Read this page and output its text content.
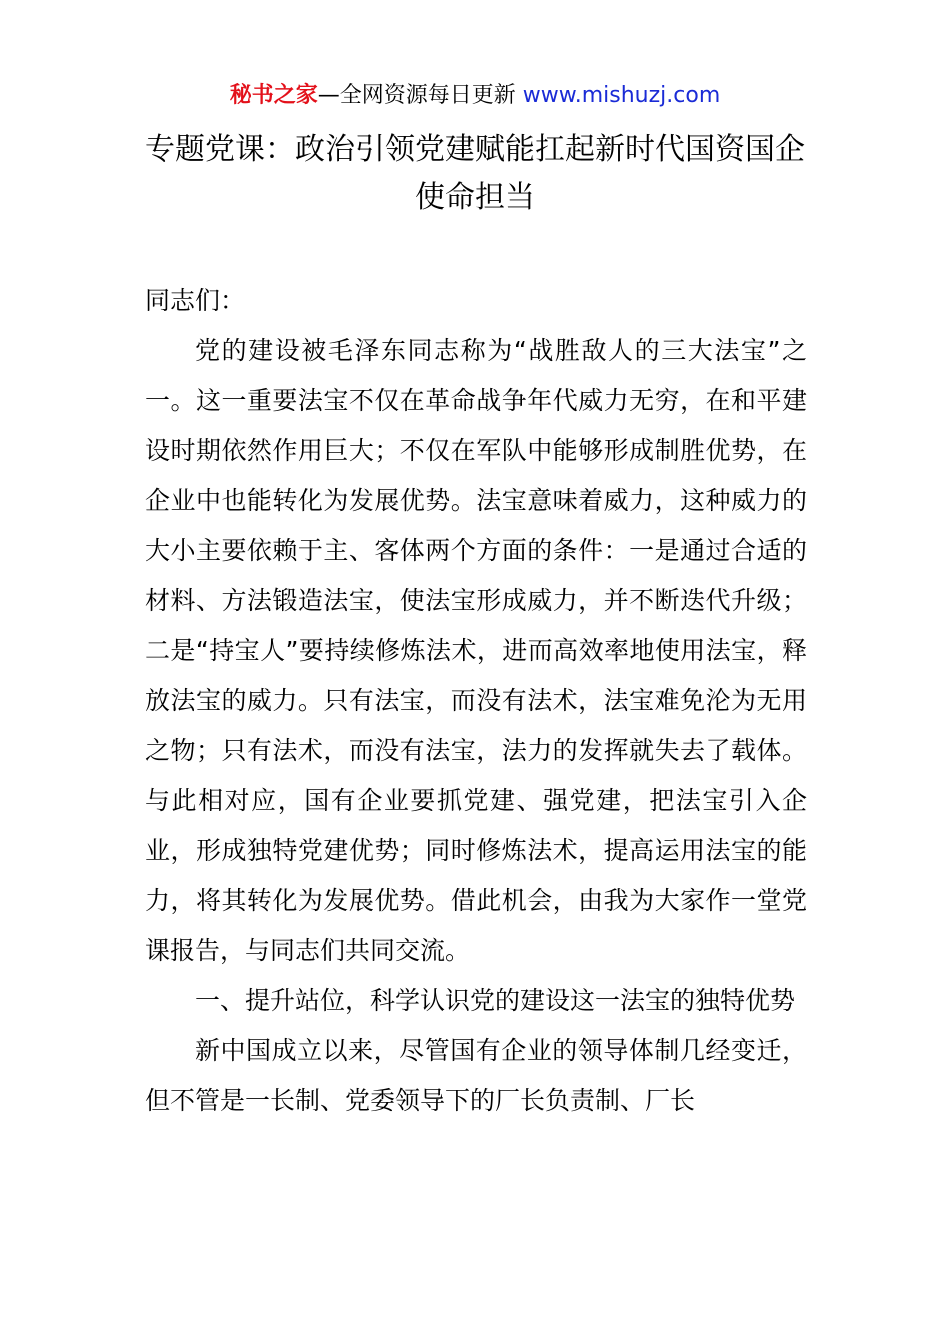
秘书之家—全网资源每日更新 www.mishuzj.com
专题党课：政治引领党建赋能扛起新时代国资国企使命担当

同志们：

党的建设被毛泽东同志称为“战胜敌人的三大法宝”之一。这一重要法宝不仅在革命战争年代威力无穷，在和平建设时期依然作用巨大；不仅在军队中能够形成制胜优势，在企业中也能转化为发展优势。法宝意味着威力，这种威力的大小主要依赖于主、客体两个方面的条件：一是通过合适的材料、方法锻造法宝，使法宝形成威力，并不断迭代升级；二是“持宝人”要持续修炼法术，进而高效率地使用法宝，释放法宝的威力。只有法宝，而没有法术，法宝难免沦为无用之物；只有法术，而没有法宝，法力的发挥就失去了载体。与此相对应，国有企业要抓党建、强党建，把法宝引入企业，形成独特党建优势；同时修炼法术，提高运用法宝的能力，将其转化为发展优势。借此机会，由我为大家作一堂党课报告，与同志们共同交流。

一、提升站位，科学认识党的建设这一法宝的独特优势

新中国成立以来，尽管国有企业的领导体制几经变迁，但不管是一长制、党委领导下的厂长负责制、厂长
